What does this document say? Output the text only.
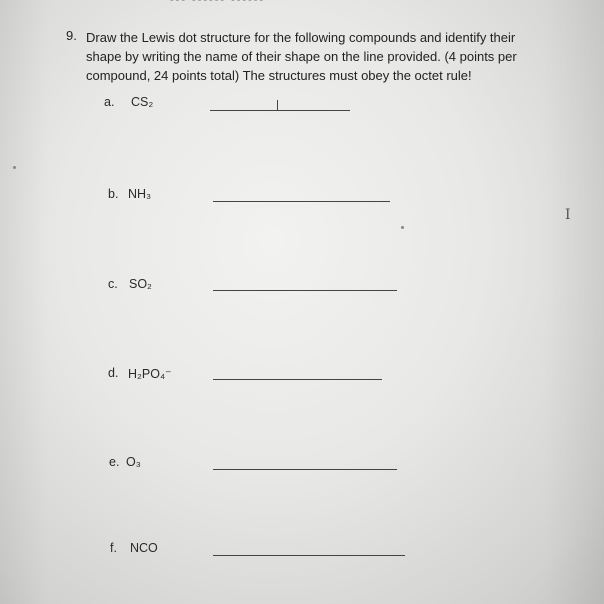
9. Draw the Lewis dot structure for the following compounds and identify their
shape by writing the name of their shape on the line provided. (4 points per
compound, 24 points total) The structures must obey the octet rule!
a. CS₂
b. NH₃
c. SO₂
d. H₂PO₄⁻
e. O₃
f. NCO
I
